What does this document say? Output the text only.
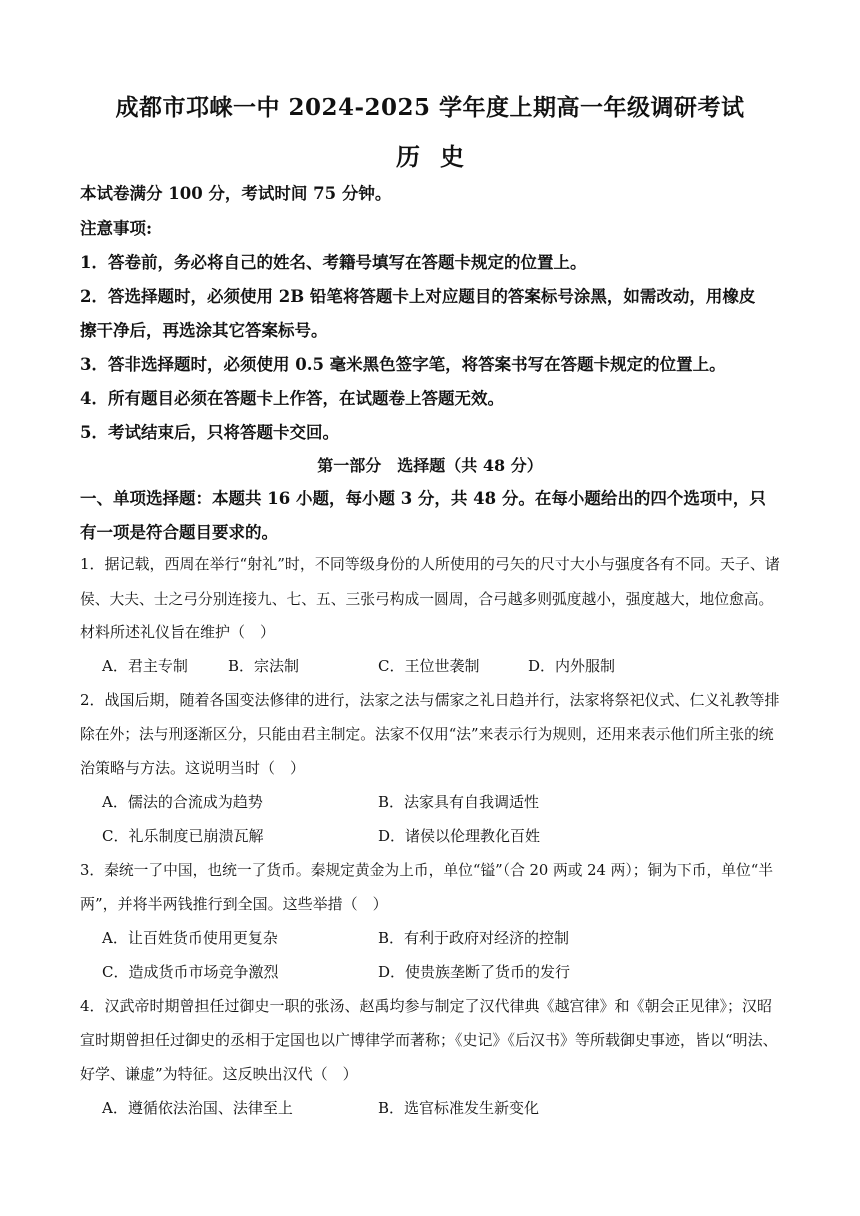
成都市邛崃一中 2024-2025 学年度上期高一年级调研考试
历史
本试卷满分 100 分，考试时间 75 分钟。
注意事项:
1．答卷前，务必将自己的姓名、考籍号填写在答题卡规定的位置上。
2．答选择题时，必须使用 2B 铅笔将答题卡上对应题目的答案标号涂黑，如需改动，用橡皮
擦干净后，再选涂其它答案标号。
3．答非选择题时，必须使用 0.5 毫米黑色签字笔，将答案书写在答题卡规定的位置上。
4．所有题目必须在答题卡上作答，在试题卷上答题无效。
5．考试结束后，只将答题卡交回。
第一部分　选择题（共 48 分）
一、单项选择题：本题共 16 小题，每小题 3 分，共 48 分。在每小题给出的四个选项中，只
有一项是符合题目要求的。
1．据记载，西周在举行“射礼”时，不同等级身份的人所使用的弓矢的尺寸大小与强度各有不同。天子、诸
侯、大夫、士之弓分别连接九、七、五、三张弓构成一圆周，合弓越多则弧度越小，强度越大，地位愈高。
材料所述礼仪旨在维护（　）
A．君主专制	B．宗法制	C．王位世袭制	D．内外服制
2．战国后期，随着各国变法修律的进行，法家之法与儒家之礼日趋并行，法家将祭祀仪式、仁义礼教等排
除在外；法与刑逐渐区分，只能由君主制定。法家不仅用“法”来表示行为规则，还用来表示他们所主张的统
治策略与方法。这说明当时（　）
A．儒法的合流成为趋势	B．法家具有自我调适性
C．礼乐制度已崩溃瓦解	D．诸侯以伦理教化百姓
3．秦统一了中国，也统一了货币。秦规定黄金为上币，单位“镒”（合 20 两或 24 两）；铜为下币，单位“半
两”，并将半两钱推行到全国。这些举措（　）
A．让百姓货币使用更复杂	B．有利于政府对经济的控制
C．造成货币市场竞争激烈	D．使贵族垄断了货币的发行
4．汉武帝时期曾担任过御史一职的张汤、赵禹均参与制定了汉代律典《越宫律》和《朝会正见律》；汉昭
宣时期曾担任过御史的丞相于定国也以广博律学而著称；《史记》《后汉书》等所载御史事迹，皆以“明法、
好学、谦虚”为特征。这反映出汉代（　）
A．遵循依法治国、法律至上	B．选官标准发生新变化
